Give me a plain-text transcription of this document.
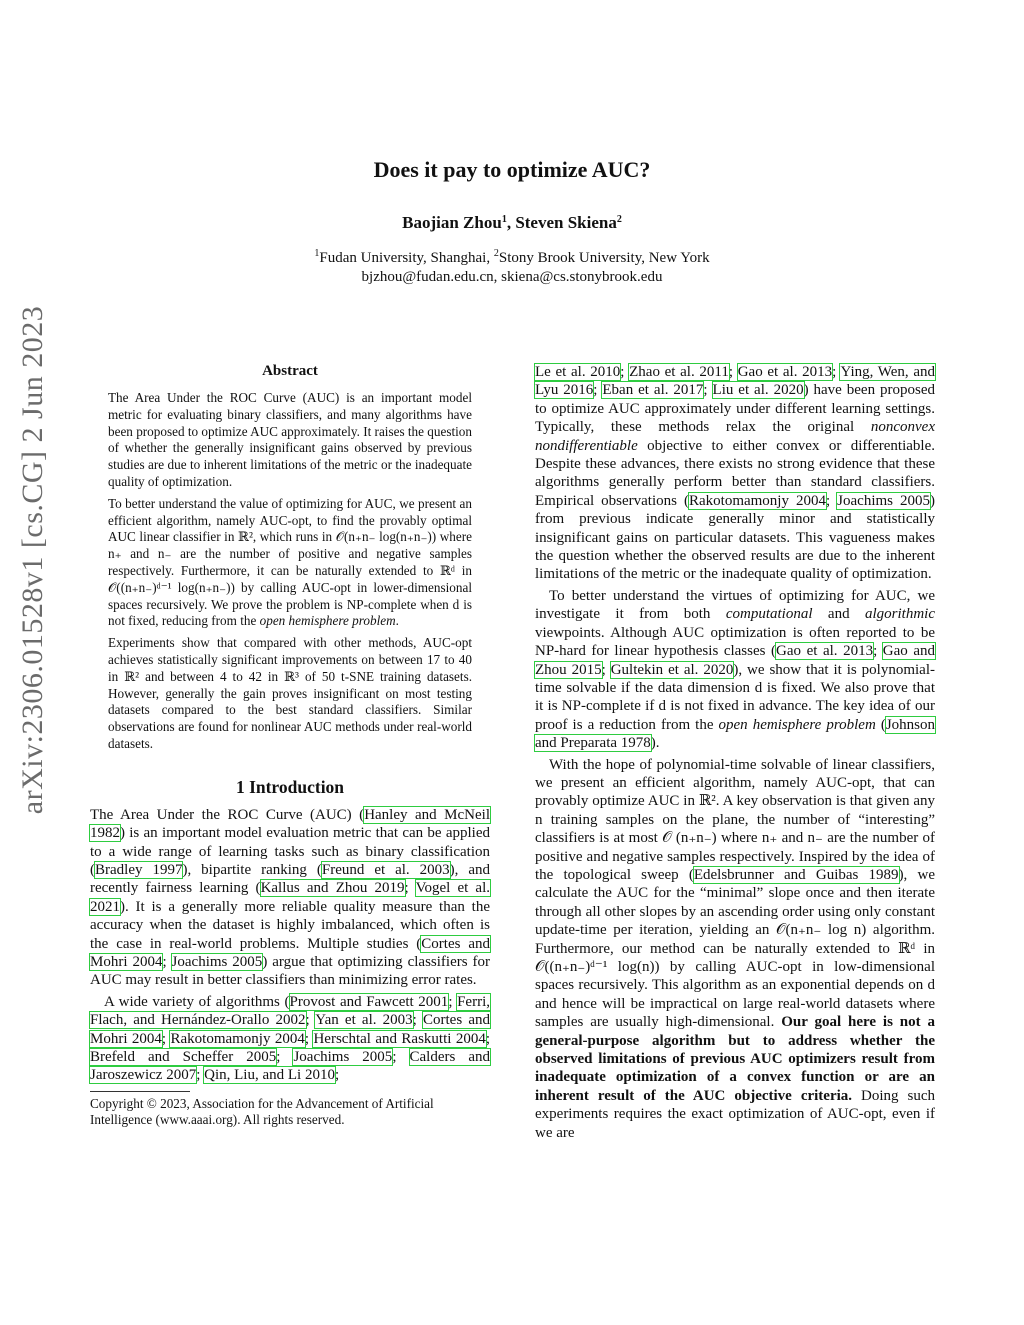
arXiv:2306.01528v1 [cs.CG] 2 Jun 2023
Does it pay to optimize AUC?
Baojian Zhou$^1$, Steven Skiena$^2$
$^1$Fudan University, Shanghai, $^2$Stony Brook University, New York
bjzhou@fudan.edu.cn, skiena@cs.stonybrook.edu
Abstract

The Area Under the ROC Curve (AUC) is an important model metric for evaluating binary classifiers, and many algorithms have been proposed to optimize AUC approximately. It raises the question of whether the generally insignificant gains observed by previous studies are due to inherent limitations of the metric or the inadequate quality of optimization.

To better understand the value of optimizing for AUC, we present an efficient algorithm, namely AUC-opt, to find the provably optimal AUC linear classifier in ℝ², which runs in 𝒪(n₊n₋ log(n₊n₋)) where n₊ and n₋ are the number of positive and negative samples respectively. Furthermore, it can be naturally extended to ℝᵈ in 𝒪((n₊n₋)ᵈ⁻¹ log(n₊n₋)) by calling AUC-opt in lower-dimensional spaces recursively. We prove the problem is NP-complete when d is not fixed, reducing from the open hemisphere problem.

Experiments show that compared with other methods, AUC-opt achieves statistically significant improvements on between 17 to 40 in ℝ² and between 4 to 42 in ℝ³ of 50 t-SNE training datasets. However, generally the gain proves insignificant on most testing datasets compared to the best standard classifiers. Similar observations are found for nonlinear AUC methods under real-world datasets.

1 Introduction

The Area Under the ROC Curve (AUC) (Hanley and McNeil 1982) is an important model evaluation metric that can be applied to a wide range of learning tasks such as binary classification (Bradley 1997), bipartite ranking (Freund et al. 2003), and recently fairness learning (Kallus and Zhou 2019; Vogel et al. 2021). It is a generally more reliable quality measure than the accuracy when the dataset is highly imbalanced, which often is the case in real-world problems. Multiple studies (Cortes and Mohri 2004; Joachims 2005) argue that optimizing classifiers for AUC may result in better classifiers than minimizing error rates.

A wide variety of algorithms (Provost and Fawcett 2001; Ferri, Flach, and Hernández-Orallo 2002; Yan et al. 2003; Cortes and Mohri 2004; Rakotomamonjy 2004; Herschtal and Raskutti 2004; Brefeld and Scheffer 2005; Joachims 2005; Calders and Jaroszewicz 2007; Qin, Liu, and Li 2010;

Copyright © 2023, Association for the Advancement of Artificial Intelligence (www.aaai.org). All rights reserved.

Le et al. 2010; Zhao et al. 2011; Gao et al. 2013; Ying, Wen, and Lyu 2016; Eban et al. 2017; Liu et al. 2020) have been proposed to optimize AUC approximately under different learning settings. Typically, these methods relax the original nonconvex nondifferentiable objective to either convex or differentiable. Despite these advances, there exists no strong evidence that these algorithms generally perform better than standard classifiers. Empirical observations (Rakotomamonjy 2004; Joachims 2005) from previous indicate generally minor and statistically insignificant gains on particular datasets. This vagueness makes the question whether the observed results are due to the inherent limitations of the metric or the inadequate quality of optimization.

To better understand the virtues of optimizing for AUC, we investigate it from both computational and algorithmic viewpoints. Although AUC optimization is often reported to be NP-hard for linear hypothesis classes (Gao et al. 2013; Gao and Zhou 2015; Gultekin et al. 2020), we show that it is polynomial-time solvable if the data dimension d is fixed. We also prove that it is NP-complete if d is not fixed in advance. The key idea of our proof is a reduction from the open hemisphere problem (Johnson and Preparata 1978).

With the hope of polynomial-time solvable of linear classifiers, we present an efficient algorithm, namely AUC-opt, that can provably optimize AUC in ℝ². A key observation is that given any n training samples on the plane, the number of “interesting” classifiers is at most 𝒪 (n₊n₋) where n₊ and n₋ are the number of positive and negative samples respectively. Inspired by the idea of the topological sweep (Edelsbrunner and Guibas 1989), we calculate the AUC for the “minimal” slope once and then iterate through all other slopes by an ascending order using only constant update-time per iteration, yielding an 𝒪(n₊n₋ log n) algorithm. Furthermore, our method can be naturally extended to ℝᵈ in 𝒪((n₊n₋)ᵈ⁻¹ log(n)) by calling AUC-opt in low-dimensional spaces recursively. This algorithm as an exponential depends on d and hence will be impractical on large real-world datasets where samples are usually high-dimensional. Our goal here is not a general-purpose algorithm but to address whether the observed limitations of previous AUC optimizers result from inadequate optimization of a convex function or are an inherent result of the AUC objective criteria. Doing such experiments requires the exact optimization of AUC-opt, even if we are
